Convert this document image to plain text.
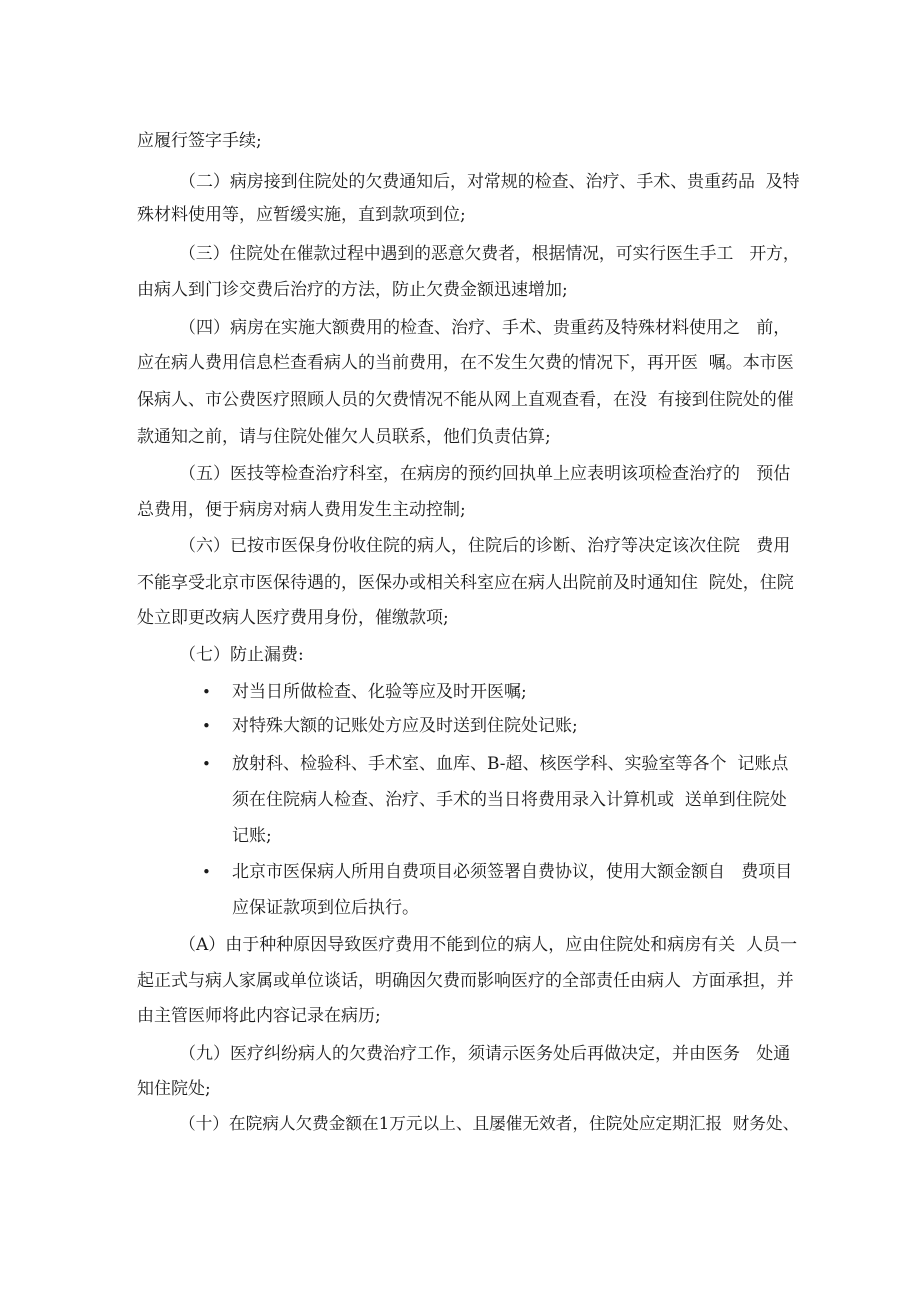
应履行签字手续;
（二）病房接到住院处的欠费通知后，对常规的检查、治疗、手术、贵重药品  及特
殊材料使用等，应暂缓实施，直到款项到位;
（三）住院处在催款过程中遇到的恶意欠费者，根据情况，可实行医生手工   开方，
由病人到门诊交费后治疗的方法，防止欠费金额迅速增加;
（四）病房在实施大额费用的检查、治疗、手术、贵重药及特殊材料使用之   前，
应在病人费用信息栏查看病人的当前费用，在不发生欠费的情况下，再开医  嘱。本市医
保病人、市公费医疗照顾人员的欠费情况不能从网上直观查看，在没  有接到住院处的催
款通知之前，请与住院处催欠人员联系，他们负责估算;
（五）医技等检查治疗科室，在病房的预约回执单上应表明该项检查治疗的   预估
总费用，便于病房对病人费用发生主动控制;
（六）已按市医保身份收住院的病人，住院后的诊断、治疗等决定该次住院   费用
不能享受北京市医保待遇的，医保办或相关科室应在病人出院前及时通知住  院处，住院
处立即更改病人医疗费用身份，催缴款项;
（七）防止漏费:
• 对当日所做检查、化验等应及时开医嘱;
• 对特殊大额的记账处方应及时送到住院处记账;
• 放射科、检验科、手术室、血库、B-超、核医学科、实验室等各个  记账点
须在住院病人检查、治疗、手术的当日将费用录入计算机或  送单到住院处
记账;
• 北京市医保病人所用自费项目必须签署自费协议，使用大额金额自   费项目
应保证款项到位后执行。
（A）由于种种原因导致医疗费用不能到位的病人，应由住院处和病房有关  人员一
起正式与病人家属或单位谈话，明确因欠费而影响医疗的全部责任由病人  方面承担，并
由主管医师将此内容记录在病历;
（九）医疗纠纷病人的欠费治疗工作，须请示医务处后再做决定，并由医务   处通
知住院处;
（十）在院病人欠费金额在1万元以上、且屡催无效者，住院处应定期汇报  财务处、
